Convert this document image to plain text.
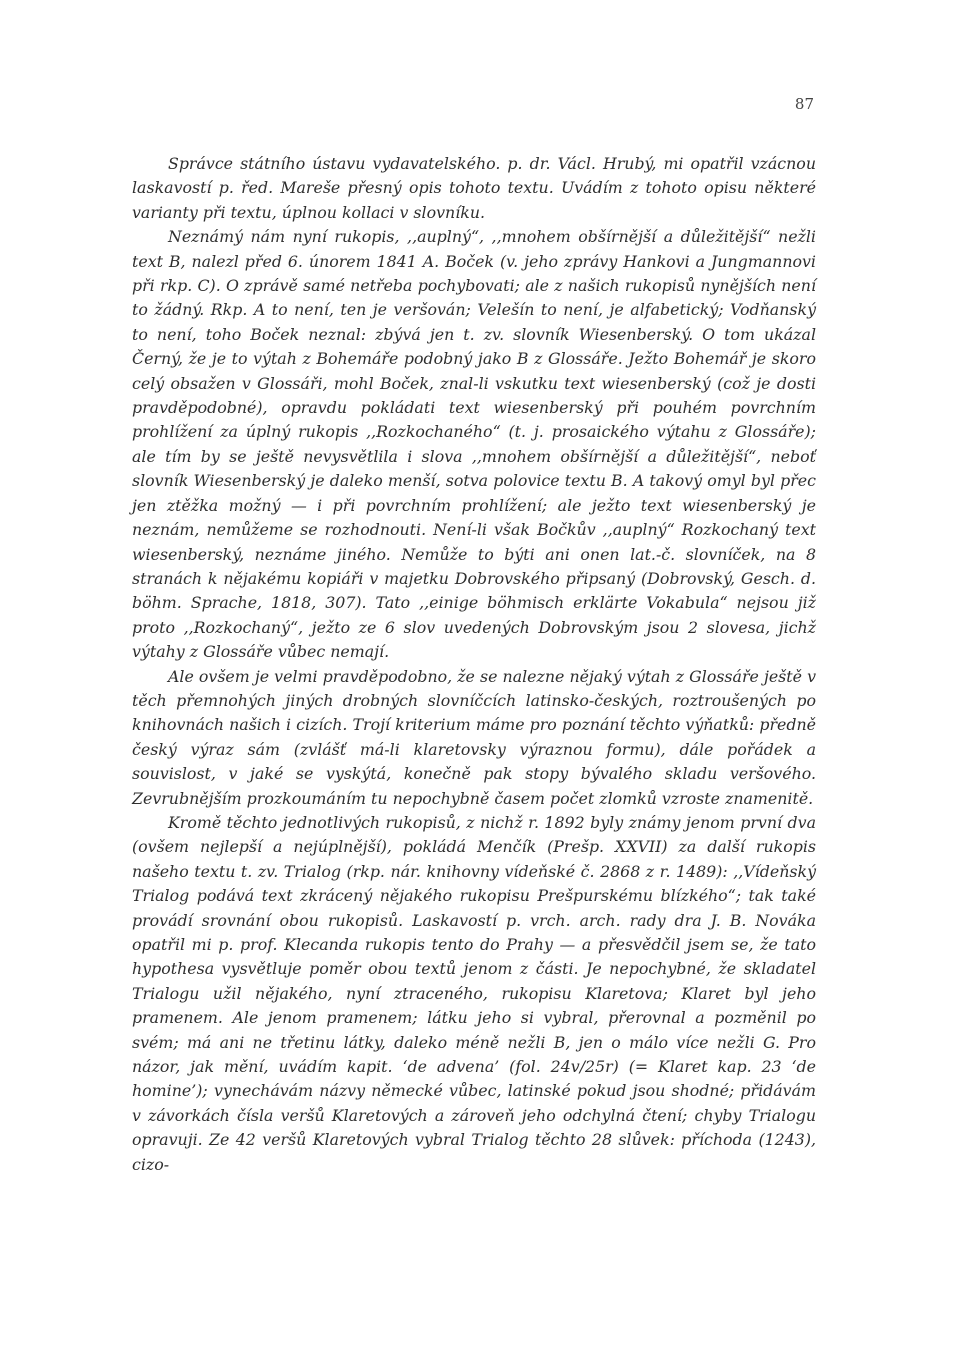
87

Správce státního ústavu vydavatelského. p. dr. Václ. Hrubý, mi opatřil vzácnou laskavostí p. řed. Mareše přesný opis tohoto textu. Uvádím z tohoto opisu některé varianty při textu, úplnou kollaci v slovníku.

Neznámý nám nyní rukopis, ,,auplný“, ,,mnohem obšírnější a důležitější“ nežli text B, nalezl před 6. únorem 1841 A. Boček (v. jeho zprávy Hankovi a Jungmannovi při rkp. C). O zprávě samé netřeba pochybovati; ale z našich rukopisů nynějších není to žádný. Rkp. A to není, ten je veršován; Velešín to není, je alfabetický; Vodňanský to není, toho Boček neznal: zbývá jen t. zv. slovník Wiesenberský. O tom ukázal Černý, že je to výtah z Bohemáře podobný jako B z Glossáře. Ježto Bohemář je skoro celý obsažen v Glossáři, mohl Boček, znal-li vskutku text wiesenberský (což je dosti pravděpodobné), opravdu pokládati text wiesenberský při pouhém povrchním prohlížení za úplný rukopis ,,Rozkochaného“ (t. j. prosaického výtahu z Glossáře); ale tím by se ještě nevysvětlila i slova ,,mnohem obšírnější a důležitější“, neboť slovník Wiesenberský je daleko menší, sotva polovice textu B. A takový omyl byl přec jen ztěžka možný — i při povrchním prohlížení; ale ježto text wiesenberský je neznám, nemůžeme se rozhodnouti. Není-li však Bočkův ,,auplný“ Rozkochaný text wiesenberský, neznáme jiného. Nemůže to býti ani onen lat.-č. slovníček, na 8 stranách k nějakému kopiáři v majetku Dobrovského připsaný (Dobrovský, Gesch. d. böhm. Sprache, 1818, 307). Tato ,,einige böhmisch erklärte Vokabula“ nejsou již proto ,,Rozkochaný“, ježto ze 6 slov uvedených Dobrovským jsou 2 slovesa, jichž výtahy z Glossáře vůbec nemají.

Ale ovšem je velmi pravděpodobno, že se nalezne nějaký výtah z Glossáře ještě v těch přemnohých jiných drobných slovníčcích latinsko-českých, roztroušených po knihovnách našich i cizích. Trojí kriterium máme pro poznání těchto výňatků: předně český výraz sám (zvlášť má-li klaretovsky výraznou formu), dále pořádek a souvislost, v jaké se vyskýtá, konečně pak stopy bývalého skladu veršového. Zevrubnějším prozkoumáním tu nepochybně časem počet zlomků vzroste znamenitě.

Kromě těchto jednotlivých rukopisů, z nichž r. 1892 byly známy jenom první dva (ovšem nejlepší a nejúplnější), pokládá Menčík (Prešp. XXVII) za další rukopis našeho textu t. zv. Trialog (rkp. nár. knihovny vídeňské č. 2868 z r. 1489): ,,Vídeňský Trialog podává text zkrácený nějakého rukopisu Prešpurskému blízkého“; tak také provádí srovnání obou rukopisů. Laskavostí p. vrch. arch. rady dra J. B. Nováka opatřil mi p. prof. Klecanda rukopis tento do Prahy — a přesvědčil jsem se, že tato hypothesa vysvětluje poměr obou textů jenom z části. Je nepochybné, že skladatel Trialogu užil nějakého, nyní ztraceného, rukopisu Klaretova; Klaret byl jeho pramenem. Ale jenom pramenem; látku jeho si vybral, přerovnal a pozměnil po svém; má ani ne třetinu látky, daleko méně nežli B, jen o málo více nežli G. Pro názor, jak mění, uvádím kapit. ‘de advena’ (fol. 24v/25r) (= Klaret kap. 23 ‘de homine’); vynechávám názvy německé vůbec, latinské pokud jsou shodné; přidávám v závorkách čísla veršů Klaretových a zároveň jeho odchylná čtení; chyby Trialogu opravuji. Ze 42 veršů Klaretových vybral Trialog těchto 28 slůvek: příchoda (1243), cizo-
